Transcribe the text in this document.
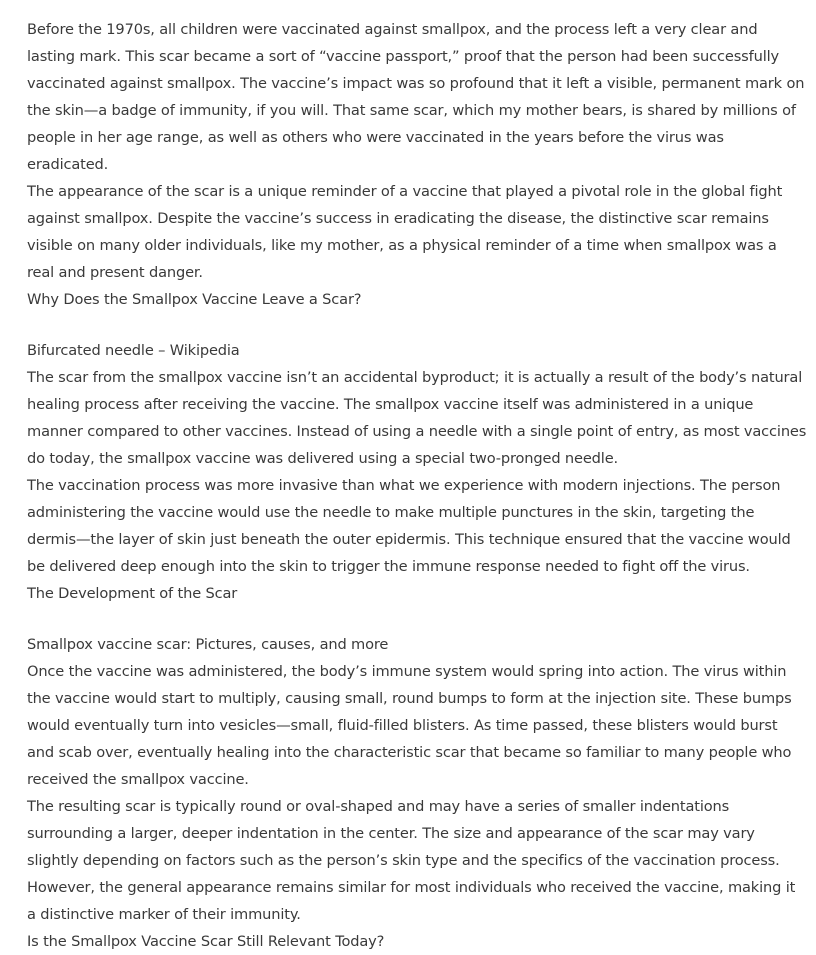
Before the 1970s, all children were vaccinated against smallpox, and the process left a very clear and lasting mark. This scar became a sort of “vaccine passport,” proof that the person had been successfully vaccinated against smallpox. The vaccine’s impact was so profound that it left a visible, permanent mark on the skin—a badge of immunity, if you will. That same scar, which my mother bears, is shared by millions of people in her age range, as well as others who were vaccinated in the years before the virus was eradicated.

The appearance of the scar is a unique reminder of a vaccine that played a pivotal role in the global fight against smallpox. Despite the vaccine’s success in eradicating the disease, the distinctive scar remains visible on many older individuals, like my mother, as a physical reminder of a time when smallpox was a real and present danger.

Why Does the Smallpox Vaccine Leave a Scar?

Bifurcated needle – Wikipedia

The scar from the smallpox vaccine isn’t an accidental byproduct; it is actually a result of the body’s natural healing process after receiving the vaccine. The smallpox vaccine itself was administered in a unique manner compared to other vaccines. Instead of using a needle with a single point of entry, as most vaccines do today, the smallpox vaccine was delivered using a special two-pronged needle.

The vaccination process was more invasive than what we experience with modern injections. The person administering the vaccine would use the needle to make multiple punctures in the skin, targeting the dermis—the layer of skin just beneath the outer epidermis. This technique ensured that the vaccine would be delivered deep enough into the skin to trigger the immune response needed to fight off the virus.

The Development of the Scar

Smallpox vaccine scar: Pictures, causes, and more

Once the vaccine was administered, the body’s immune system would spring into action. The virus within the vaccine would start to multiply, causing small, round bumps to form at the injection site. These bumps would eventually turn into vesicles—small, fluid-filled blisters. As time passed, these blisters would burst and scab over, eventually healing into the characteristic scar that became so familiar to many people who received the smallpox vaccine.

The resulting scar is typically round or oval-shaped and may have a series of smaller indentations surrounding a larger, deeper indentation in the center. The size and appearance of the scar may vary slightly depending on factors such as the person’s skin type and the specifics of the vaccination process. However, the general appearance remains similar for most individuals who received the vaccine, making it a distinctive marker of their immunity.

Is the Smallpox Vaccine Scar Still Relevant Today?
